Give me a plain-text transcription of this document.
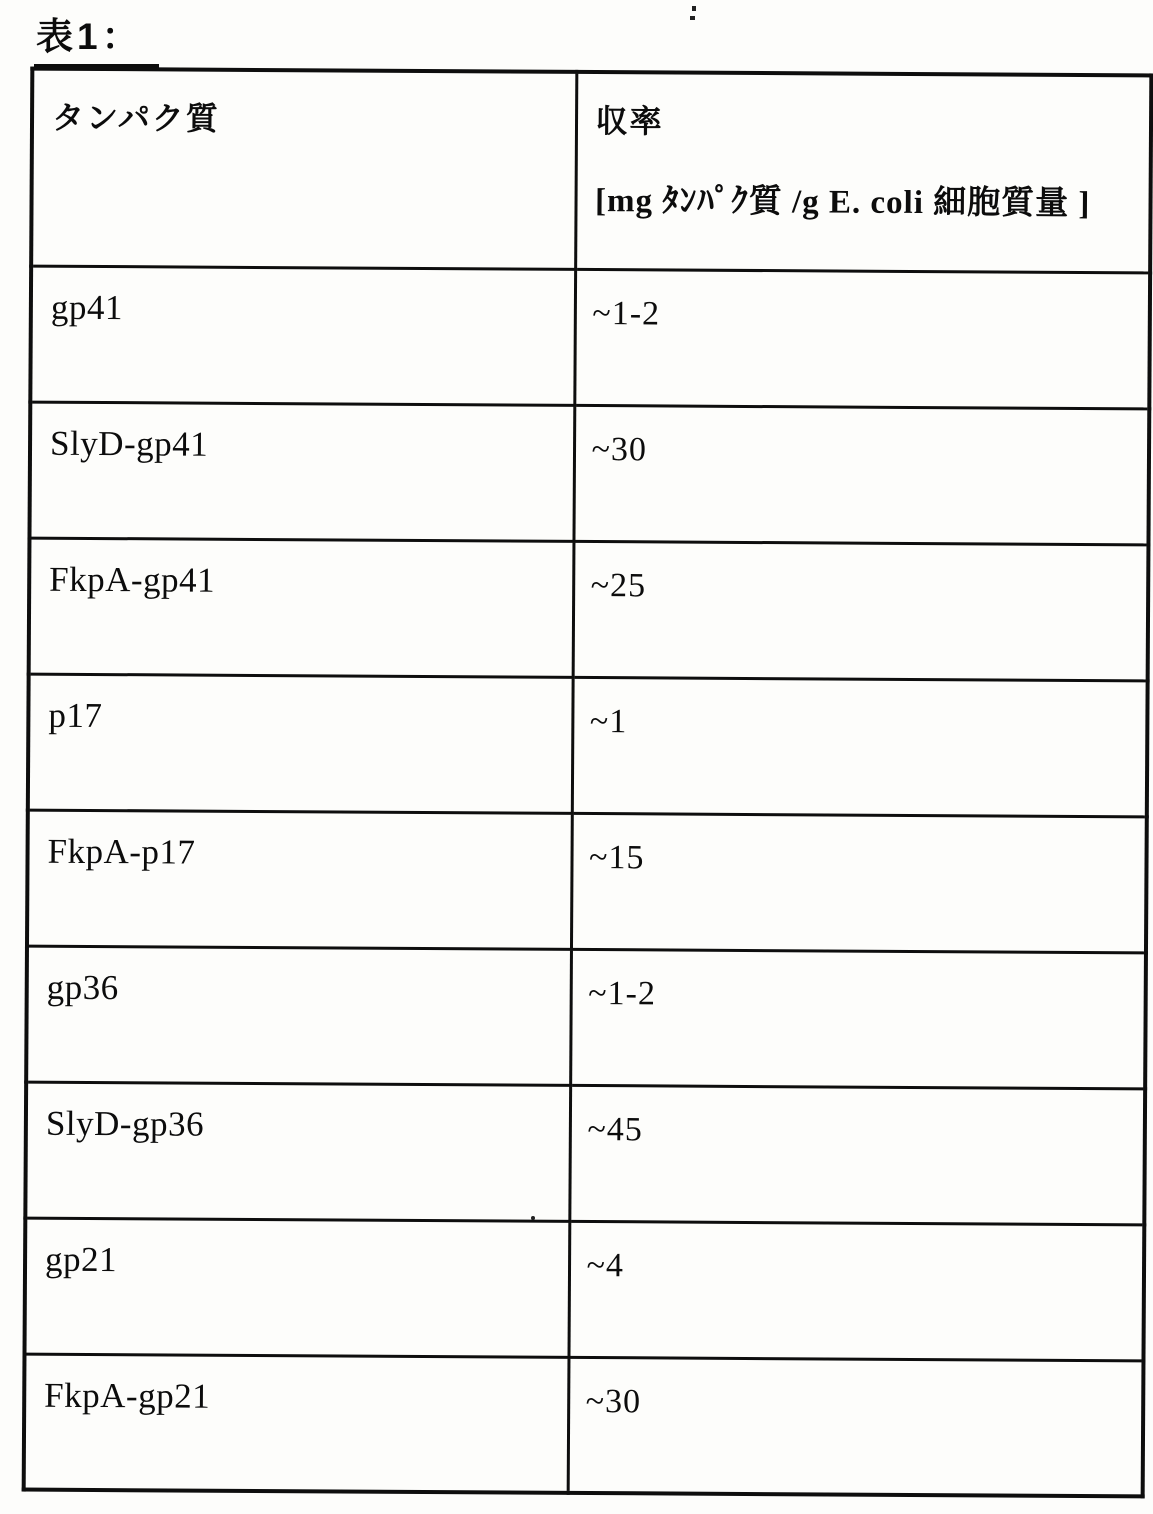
表1：
タンパク質	収率
[mg ﾀﾝﾊﾟｸ質 /g E. coli 細胞質量 ]

gp41	~1-2
SlyD-gp41	~30
FkpA-gp41	~25
p17	~1
FkpA-p17	~15
gp36	~1-2
SlyD-gp36	~45
gp21	~4
FkpA-gp21	~30
